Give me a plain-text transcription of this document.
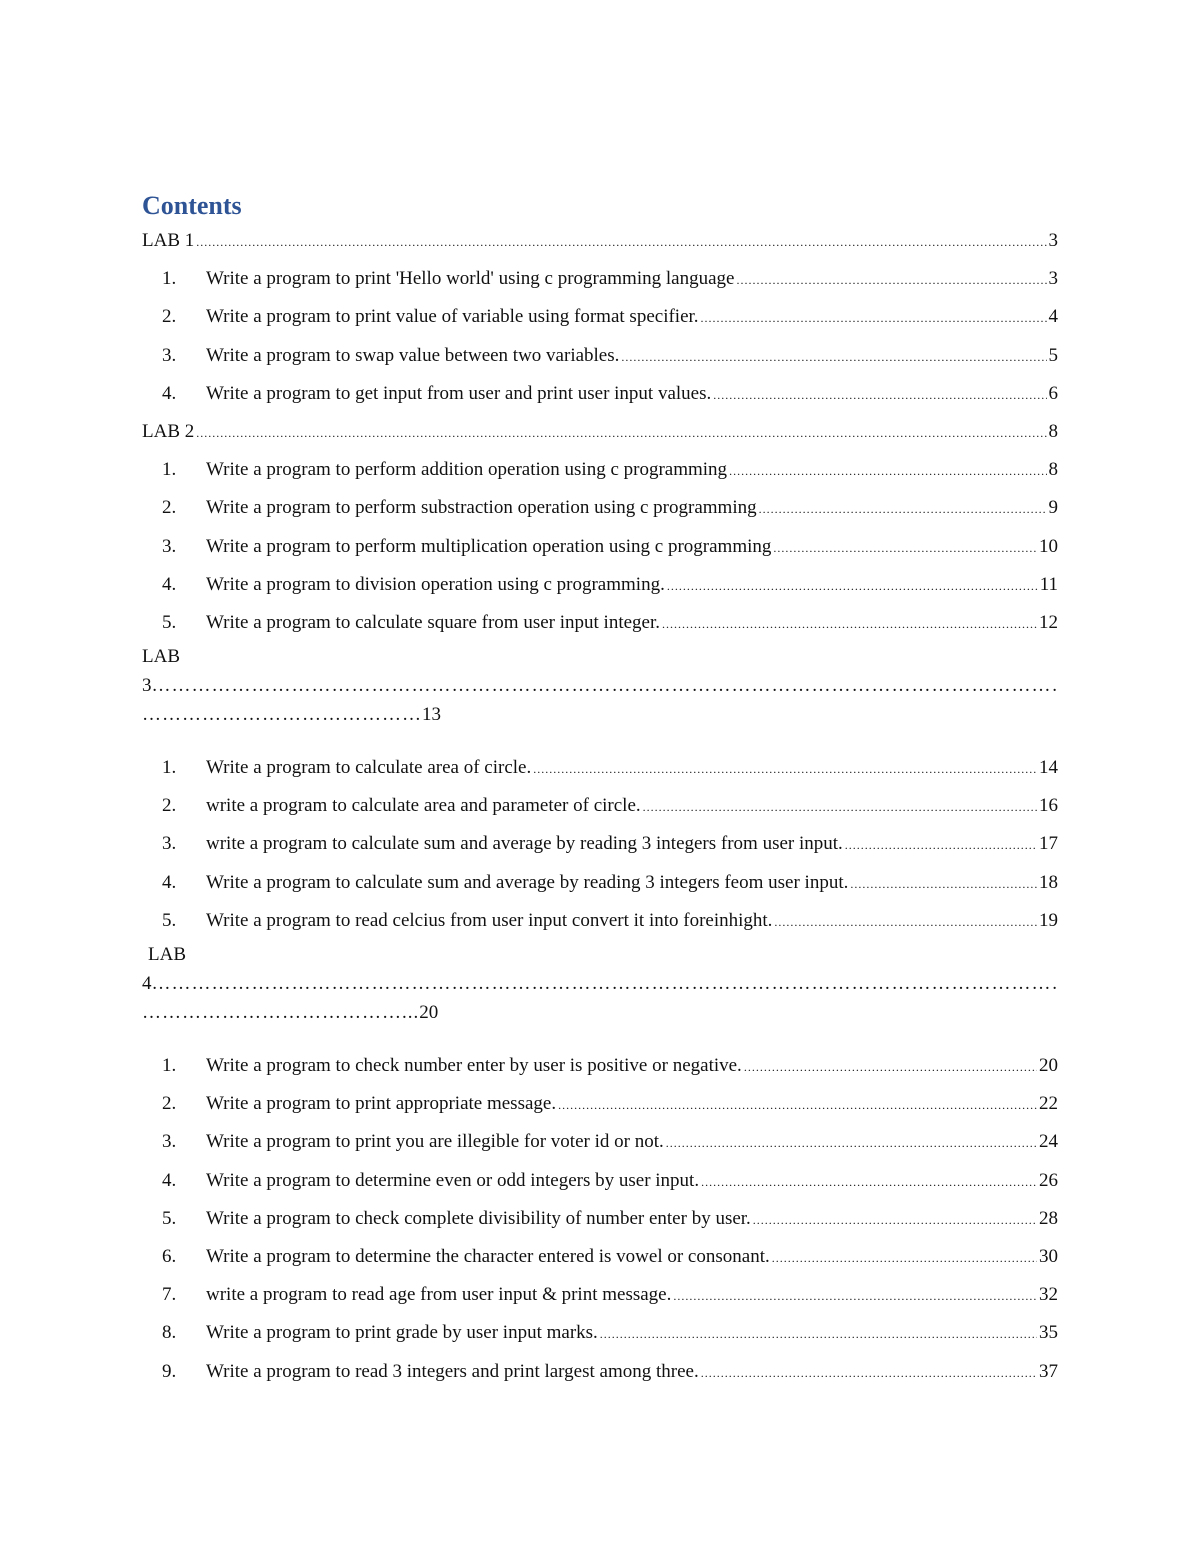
Contents
LAB 1 .....	3
1.	Write a program to print 'Hello world' using c programming language .....	3
2.	Write a program to print value of variable using format specifier. .....	4
3.	Write a program to swap value between two variables. .....	5
4.	Write a program to get input from user and print user input values. .....	6
LAB 2 .....	8
1.	Write a program to perform addition operation using c programming .....	8
2.	Write a program to perform substraction operation using c programming .....	9
3.	Write a program to perform multiplication operation using c programming .....	10
4.	Write a program to division operation using c programming. .....	11
5.	Write a program to calculate square from user input integer. .....	12
LAB
3……………………………………………………………………………………………………………………………………………………………………………………………………
……………………………………13
1.	Write a program to calculate area of circle. .....	14
2.	write a program to calculate area and parameter of circle. .....	16
3.	write a program to calculate sum and average by reading 3 integers from user input. .....	17
4.	Write a program to calculate sum and average by reading 3 integers feom user input. .....	18
5.	Write a program to read celcius from user input convert it into foreinhight. .....	19
LAB
4……………………………………………………………………………………………………………………………………………………………………………………………………
…………………………………...20
1.	Write a program to check number enter by user is positive or negative. .....	20
2.	Write a program to print appropriate message. .....	22
3.	Write a program to print you are illegible for voter id or not. .....	24
4.	Write a program to determine even or odd integers by user input. .....	26
5.	Write a program to check complete divisibility of number enter by user. .....	28
6.	Write a program to determine the character entered is vowel or consonant. .....	30
7.	write a program to read age from user input & print message. .....	32
8.	Write a program to print grade by user input marks. .....	35
9.	Write a program to read 3 integers and print largest among three. .....	37
